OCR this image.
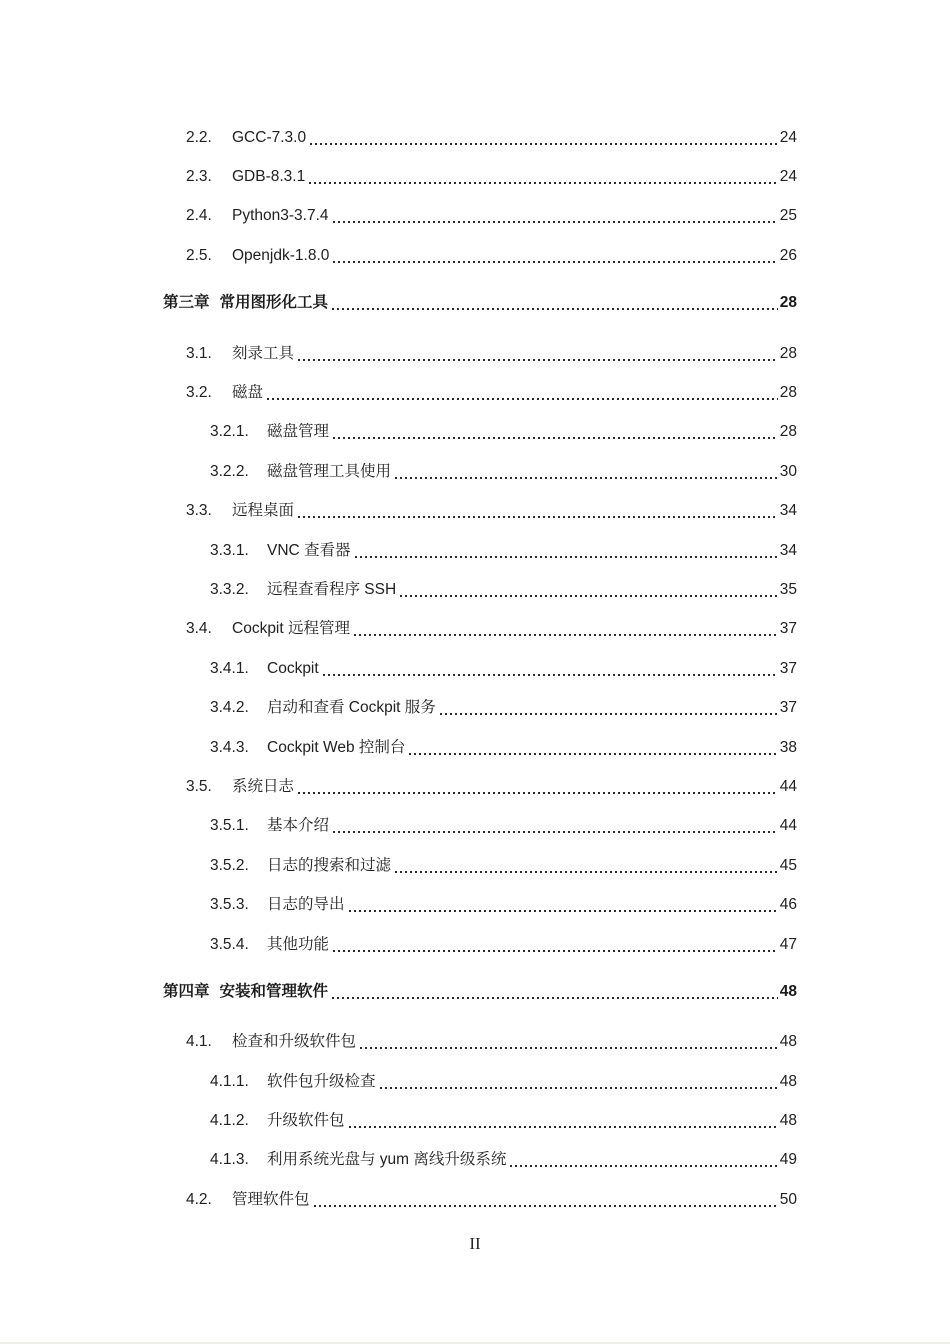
2.2.	GCC-7.3.0	24
2.3.	GDB-8.3.1	24
2.4.	Python3-3.7.4	25
2.5.	Openjdk-1.8.0	26
第三章 常用图形化工具	28
3.1.	刻录工具	28
3.2.	磁盘	28
3.2.1.	磁盘管理	28
3.2.2.	磁盘管理工具使用	30
3.3.	远程桌面	34
3.3.1.	VNC 查看器	34
3.3.2.	远程查看程序 SSH	35
3.4.	Cockpit 远程管理	37
3.4.1.	Cockpit	37
3.4.2.	启动和查看 Cockpit 服务	37
3.4.3.	Cockpit Web 控制台	38
3.5.	系统日志	44
3.5.1.	基本介绍	44
3.5.2.	日志的搜索和过滤	45
3.5.3.	日志的导出	46
3.5.4.	其他功能	47
第四章 安装和管理软件	48
4.1.	检查和升级软件包	48
4.1.1.	软件包升级检查	48
4.1.2.	升级软件包	48
4.1.3.	利用系统光盘与 yum 离线升级系统	49
4.2.	管理软件包	50
II
